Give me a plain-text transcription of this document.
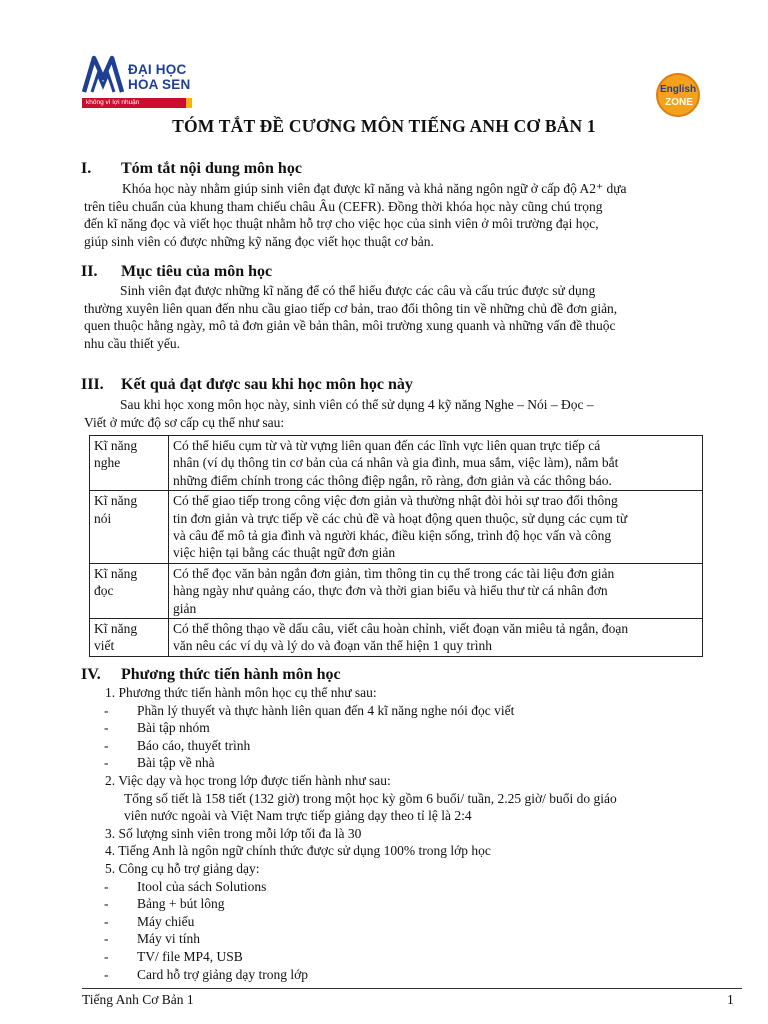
ĐẠI HỌC
HOA SEN
không vì lợi nhuận
English
ZONE
TÓM TẮT ĐỀ CƯƠNG MÔN TIẾNG ANH CƠ BẢN 1
I. Tóm tắt nội dung môn học
Khóa học này nhằm giúp sinh viên đạt được kĩ năng và khả năng ngôn ngữ ở cấp độ A2⁺ dựa
trên tiêu chuẩn của khung tham chiếu châu Âu (CEFR). Đồng thời khóa học này cũng chú trọng
đến kĩ năng đọc và viết học thuật nhằm hỗ trợ cho việc học của sinh viên ở môi trường đại học,
giúp sinh viên có được những kỹ năng đọc viết học thuật cơ bản.
II. Mục tiêu của môn học
Sinh viên đạt được những kĩ năng để có thể hiểu được các câu và cấu trúc được sử dụng
thường xuyên liên quan đến nhu cầu giao tiếp cơ bản, trao đổi thông tin về những chủ đề đơn giản,
quen thuộc hằng ngày, mô tả đơn giản về bản thân, môi trường xung quanh và những vấn đề thuộc
nhu cầu thiết yếu.
III. Kết quả đạt được sau khi học môn học này
Sau khi học xong môn học này, sinh viên có thể sử dụng 4 kỹ năng Nghe – Nói – Đọc –
Viết ở mức độ sơ cấp cụ thể như sau:
Kĩ năng
nghe	Có thể hiểu cụm từ và từ vựng liên quan đến các lĩnh vực liên quan trực tiếp cá
nhân (ví dụ thông tin cơ bản của cá nhân và gia đình, mua sắm, việc làm), nắm bắt
những điểm chính trong các thông điệp ngắn, rõ ràng, đơn giản và các thông báo.

Kĩ năng
nói	Có thể giao tiếp trong công việc đơn giản và thường nhật đòi hỏi sự trao đổi thông
tin đơn giản và trực tiếp về các chủ đề và hoạt động quen thuộc, sử dụng các cụm từ
và câu để mô tả gia đình và người khác, điều kiện sống, trình độ học vấn và công
việc hiện tại bằng các thuật ngữ đơn giản

Kĩ năng
đọc	Có thể đọc văn bản ngắn đơn giản, tìm thông tin cụ thể trong các tài liệu đơn giản
hàng ngày như quảng cáo, thực đơn và thời gian biểu và hiểu thư từ cá nhân đơn
giản

Kĩ năng
viết	Có thể thông thạo về dấu câu, viết câu hoàn chỉnh, viết đoạn văn miêu tả ngắn, đoạn
văn nêu các ví dụ và lý do và đoạn văn thể hiện 1 quy trình
IV. Phương thức tiến hành môn học
1. Phương thức tiến hành môn học cụ thể như sau:
- Phần lý thuyết và thực hành liên quan đến 4 kĩ năng nghe nói đọc viết
- Bài tập nhóm
- Báo cáo, thuyết trình
- Bài tập về nhà
2. Việc dạy và học trong lớp được tiến hành như sau:
Tổng số tiết là 158 tiết (132 giờ) trong một học kỳ gồm 6 buổi/ tuần, 2.25 giờ/ buổi do giáo
viên nước ngoài và Việt Nam trực tiếp giảng dạy theo tỉ lệ là 2:4
3. Số lượng sinh viên trong mỗi lớp tối đa là 30
4. Tiếng Anh là ngôn ngữ chính thức được sử dụng 100% trong lớp học
5. Công cụ hỗ trợ giảng dạy:
- Itool của sách Solutions
- Bảng + bút lông
- Máy chiếu
- Máy vi tính
- TV/ file MP4, USB
- Card hỗ trợ giảng dạy trong lớp
Tiếng Anh Cơ Bản 1	1
